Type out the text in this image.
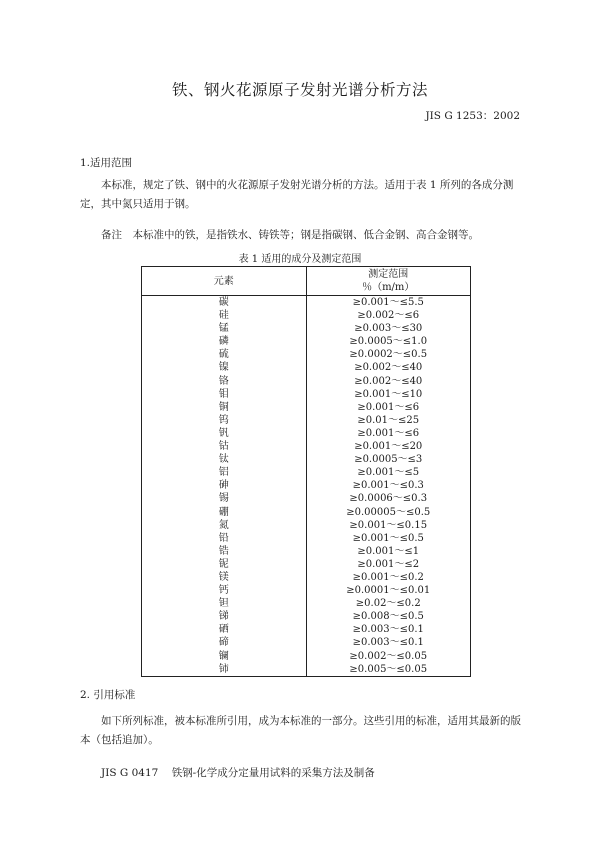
铁、钢火花源原子发射光谱分析方法
JIS G 1253：2002
1.适用范围
本标准，规定了铁、钢中的火花源原子发射光谱分析的方法。适用于表 1 所列的各成分测定，其中氮只适用于钢。
备注　本标准中的铁，是指铁水、铸铁等；钢是指碳钢、低合金钢、高合金钢等。
表 1 适用的成分及测定范围
元素	测定范围
％（m/m）

碳	≥0.001～≤5.5
硅	≥0.002～≤6
锰	≥0.003～≤30
磷	≥0.0005～≤1.0
硫	≥0.0002～≤0.5
镍	≥0.002～≤40
铬	≥0.002～≤40
钼	≥0.001～≤10
铜	≥0.001～≤6
钨	≥0.01～≤25
钒	≥0.001～≤6
钴	≥0.001～≤20
钛	≥0.0005～≤3
铝	≥0.001～≤5
砷	≥0.001～≤0.3
锡	≥0.0006～≤0.3
硼	≥0.00005～≤0.5
氮	≥0.001～≤0.15
铅	≥0.001～≤0.5
锆	≥0.001～≤1
铌	≥0.001～≤2
镁	≥0.001～≤0.2
钙	≥0.0001～≤0.01
钽	≥0.02～≤0.2
锑	≥0.008～≤0.5
硒	≥0.003～≤0.1
碲	≥0.003～≤0.1
镧	≥0.002～≤0.05
铈	≥0.005～≤0.05
2. 引用标准
如下所列标准，被本标准所引用，成为本标准的一部分。这些引用的标准，适用其最新的版本（包括追加）。
JIS G 0417 铁钢-化学成分定量用试料的采集方法及制备
